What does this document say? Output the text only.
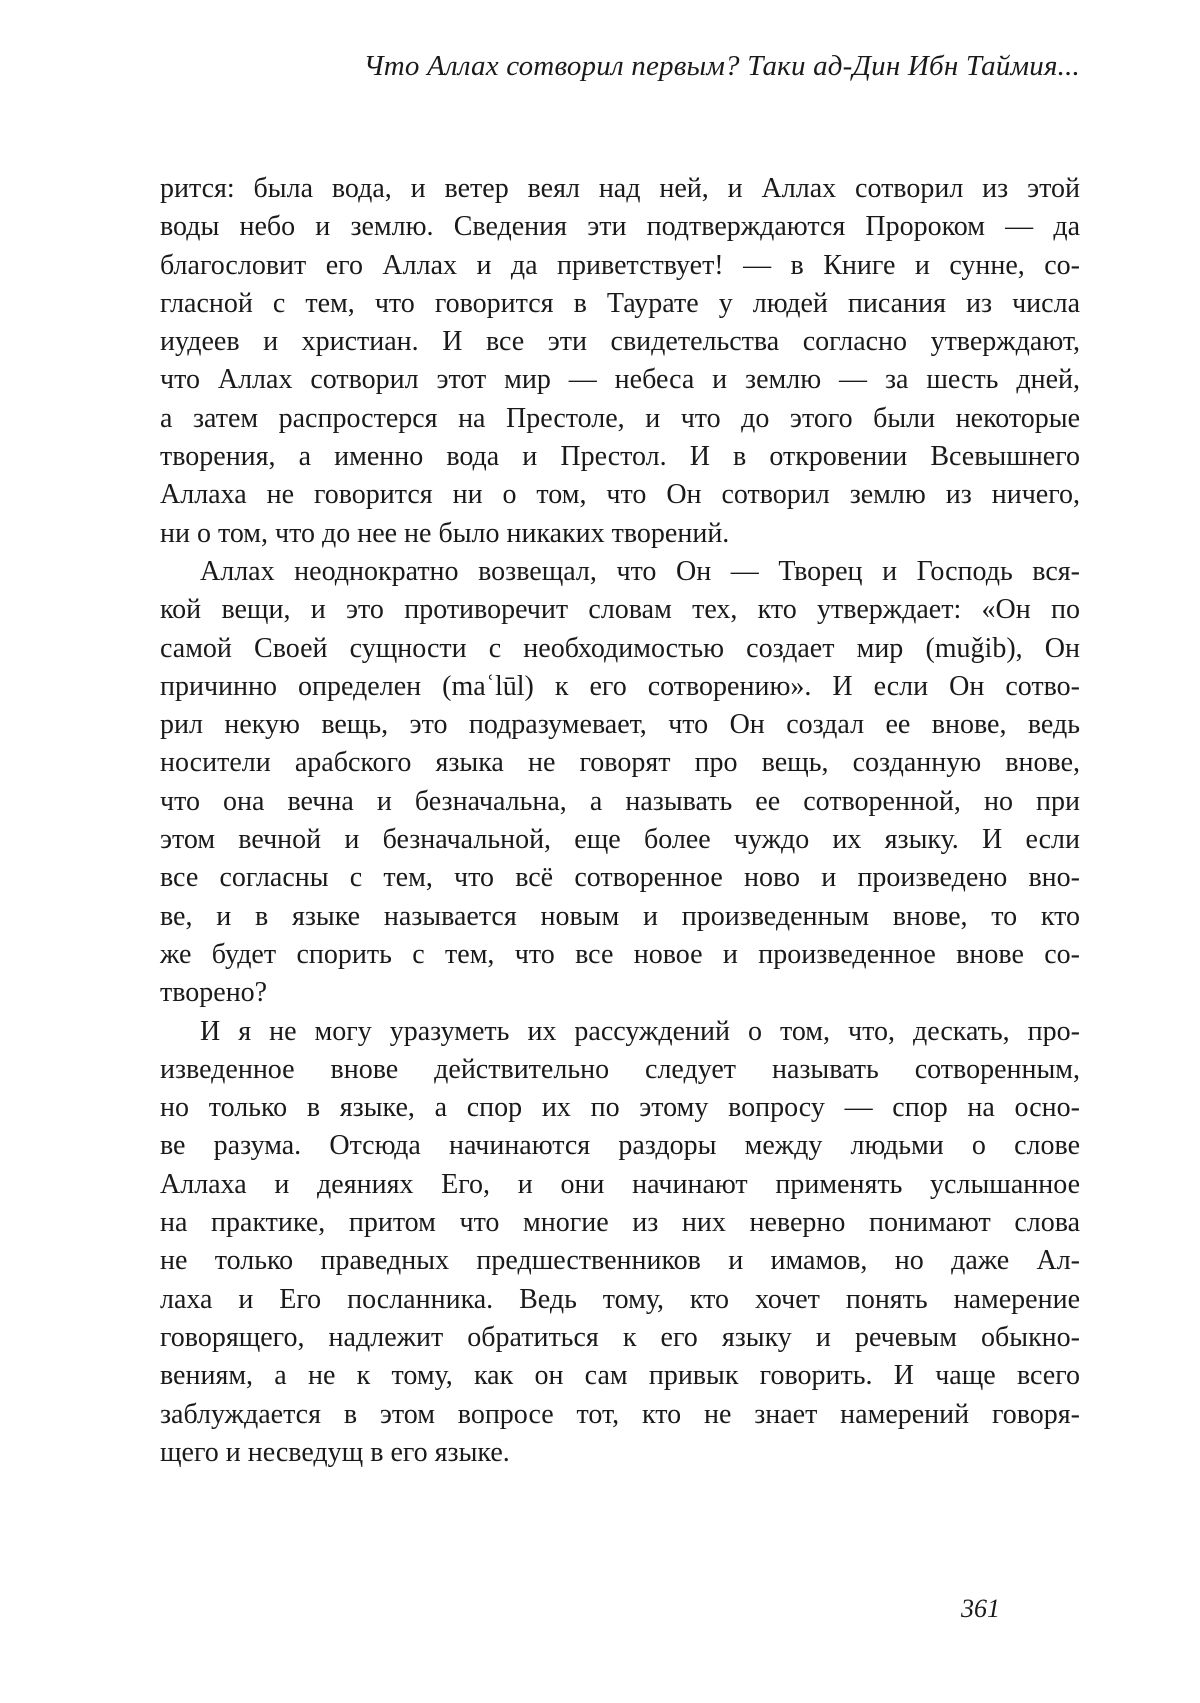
Что Аллах сотворил первым? Таки ад-Дин Ибн Таймия...

рится: была вода, и ветер веял над ней, и Аллах сотворил из этой
воды небо и землю. Сведения эти подтверждаются Пророком — да
благословит его Аллах и да приветствует! — в Книге и сунне, со-
гласной с тем, что говорится в Таурате у людей писания из числа
иудеев и христиан. И все эти свидетельства согласно утверждают,
что Аллах сотворил этот мир — небеса и землю — за шесть дней,
а затем распростерся на Престоле, и что до этого были некоторые
творения, а именно вода и Престол. И в откровении Всевышнего
Аллаха не говорится ни о том, что Он сотворил землю из ничего,
ни о том, что до нее не было никаких творений.

Аллах неоднократно возвещал, что Он — Творец и Господь вся-
кой вещи, и это противоречит словам тех, кто утверждает: «Он по
самой Своей сущности с необходимостью создает мир (muǧib), Он
причинно определен (maʿlūl) к его сотворению». И если Он сотво-
рил некую вещь, это подразумевает, что Он создал ее внове, ведь
носители арабского языка не говорят про вещь, созданную внове,
что она вечна и безначальна, а называть ее сотворенной, но при
этом вечной и безначальной, еще более чуждо их языку. И если
все согласны с тем, что всё сотворенное ново и произведено вно-
ве, и в языке называется новым и произведенным внове, то кто
же будет спорить с тем, что все новое и произведенное внове со-
творено?

И я не могу уразуметь их рассуждений о том, что, дескать, про-
изведенное внове действительно следует называть сотворенным,
но только в языке, а спор их по этому вопросу — спор на осно-
ве разума. Отсюда начинаются раздоры между людьми о слове
Аллаха и деяниях Его, и они начинают применять услышанное
на практике, притом что многие из них неверно понимают слова
не только праведных предшественников и имамов, но даже Ал-
лаха и Его посланника. Ведь тому, кто хочет понять намерение
говорящего, надлежит обратиться к его языку и речевым обыкно-
вениям, а не к тому, как он сам привык говорить. И чаще всего
заблуждается в этом вопросе тот, кто не знает намерений говоря-
щего и несведущ в его языке.

361
